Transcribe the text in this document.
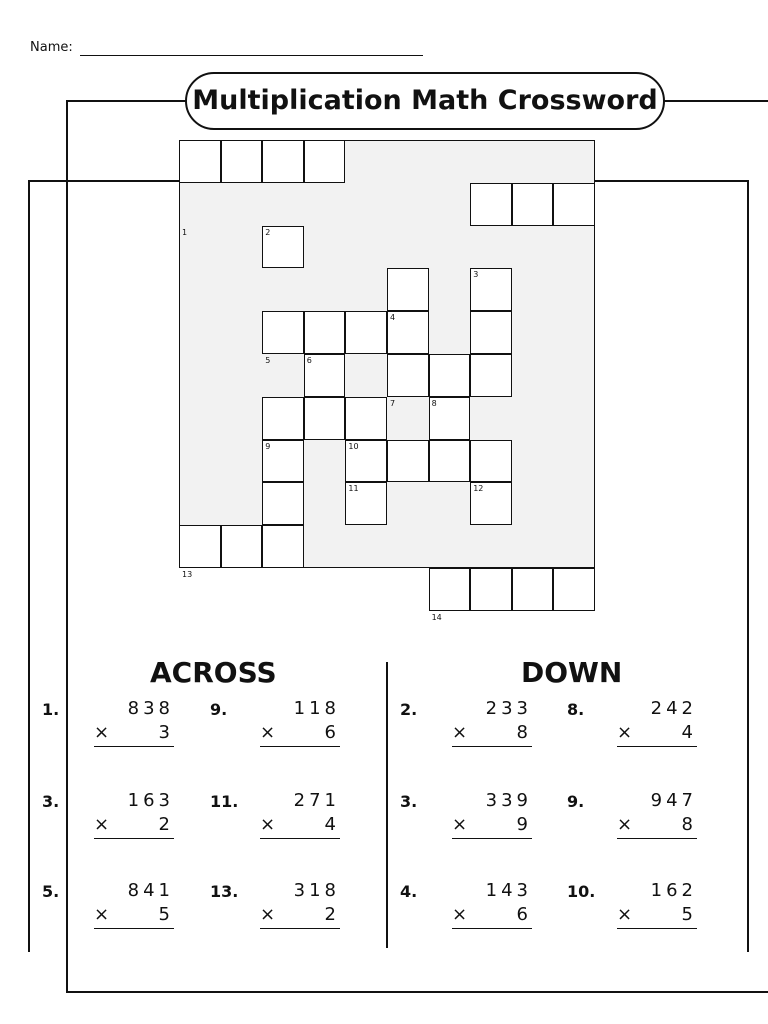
Name:
Multiplication Math Crossword
1	2
3
4
5	6
7	8
9	10
11	12
13
14
ACROSS	DOWN
1.	838
×	3
9.	118
×	6
3.	163
×	2
11.	271
×	4
5.	841
×	5
13.	318
×	2
2.	233
×	8
8.	242
×	4
3.	339
×	9
9.	947
×	8
4.	143
×	6
10.	162
×	5
